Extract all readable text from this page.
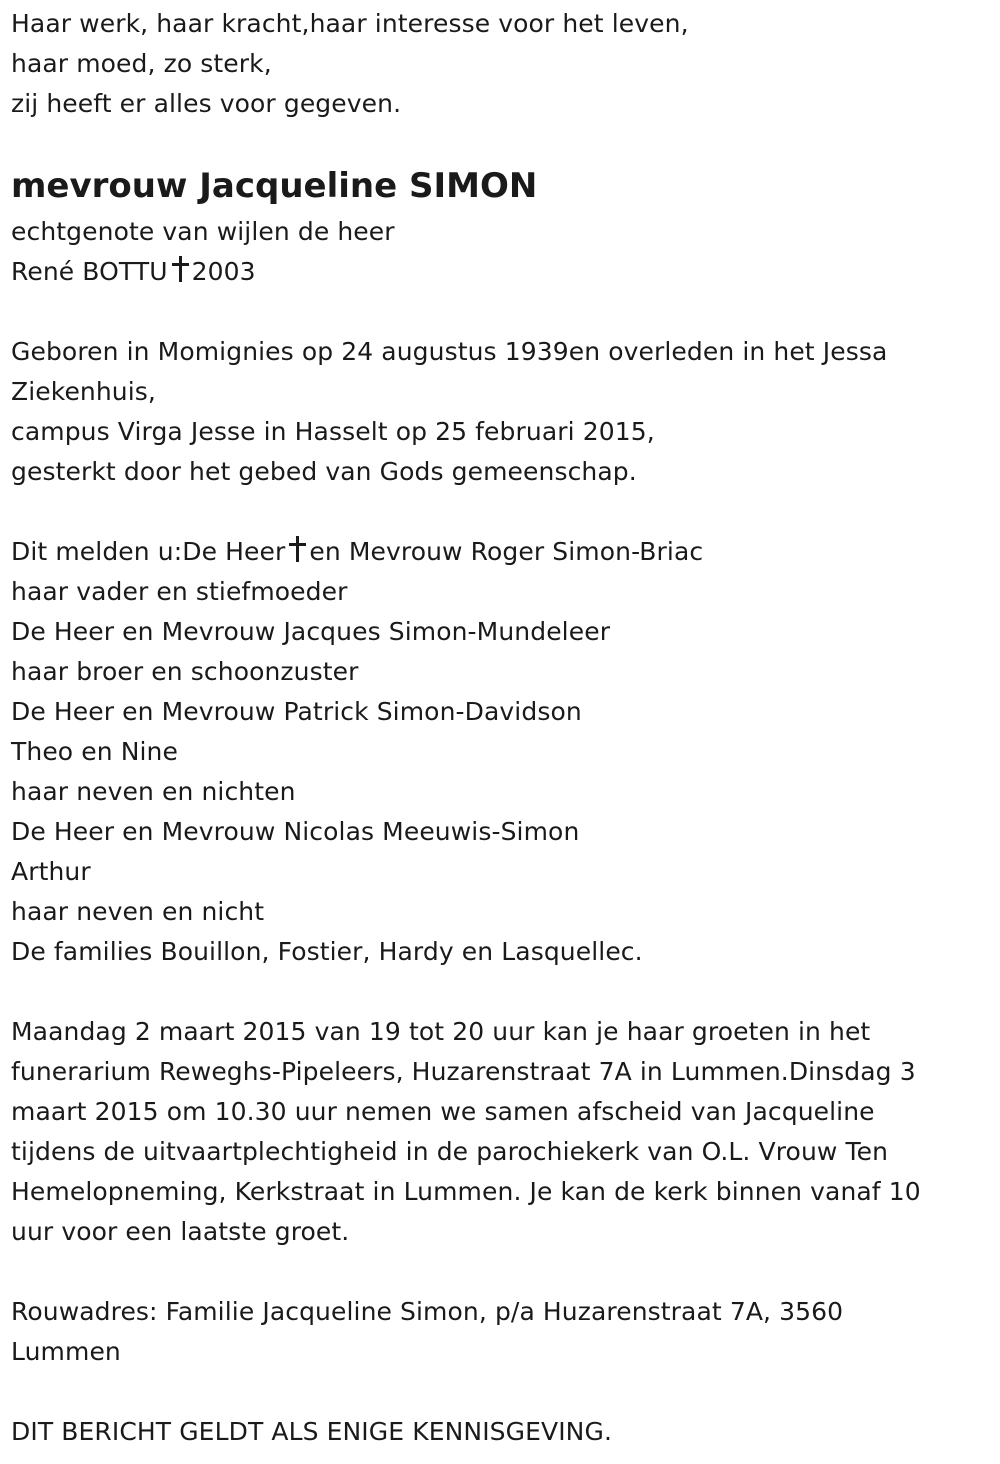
Haar werk, haar kracht,haar interesse voor het leven,
haar moed, zo sterk,
zij heeft er alles voor gegeven.
mevrouw Jacqueline SIMON
echtgenote van wijlen de heer
René BOTTU 2003
Geboren in Momignies op 24 augustus 1939en overleden in het Jessa
Ziekenhuis,
campus Virga Jesse in Hasselt op 25 februari 2015,
gesterkt door het gebed van Gods gemeenschap.
Dit melden u:De Heer en Mevrouw Roger Simon-Briac
haar vader en stiefmoeder
De Heer en Mevrouw Jacques Simon-Mundeleer
haar broer en schoonzuster
De Heer en Mevrouw Patrick Simon-Davidson
Theo en Nine
haar neven en nichten
De Heer en Mevrouw Nicolas Meeuwis-Simon
Arthur
haar neven en nicht
De families Bouillon, Fostier, Hardy en Lasquellec.
Maandag 2 maart 2015 van 19 tot 20 uur kan je haar groeten in het
funerarium Reweghs-Pipeleers, Huzarenstraat 7A in Lummen.Dinsdag 3
maart 2015 om 10.30 uur nemen we samen afscheid van Jacqueline
tijdens de uitvaartplechtigheid in de parochiekerk van O.L. Vrouw Ten
Hemelopneming, Kerkstraat in Lummen. Je kan de kerk binnen vanaf 10
uur voor een laatste groet.
Rouwadres: Familie Jacqueline Simon, p/a Huzarenstraat 7A, 3560
Lummen
DIT BERICHT GELDT ALS ENIGE KENNISGEVING.
